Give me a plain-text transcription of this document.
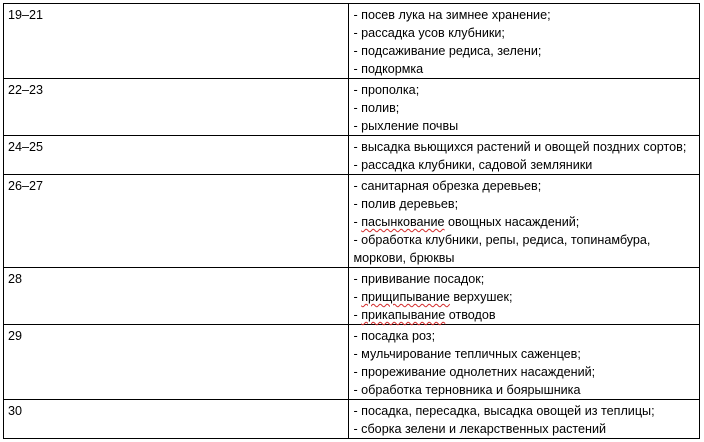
19–21	- посев лука на зимнее хранение;
- рассадка усов клубники;
- подсаживание редиса, зелени;
- подкормка

22–23	- прополка;
- полив;
- рыхление почвы

24–25	- высадка вьющихся растений и овощей поздних сортов;
- рассадка клубники, садовой земляники

26–27	- санитарная обрезка деревьев;
- полив деревьев;
- пасынкование овощных насаждений;
- обработка клубники, репы, редиса, топинамбура, моркови, брюквы

28	- прививание посадок;
- прищипывание верхушек;
- прикапывание отводов

29	- посадка роз;
- мульчирование тепличных саженцев;
- прореживание однолетних насаждений;
- обработка терновника и боярышника

30	- посадка, пересадка, высадка овощей из теплицы;
- сборка зелени и лекарственных растений
